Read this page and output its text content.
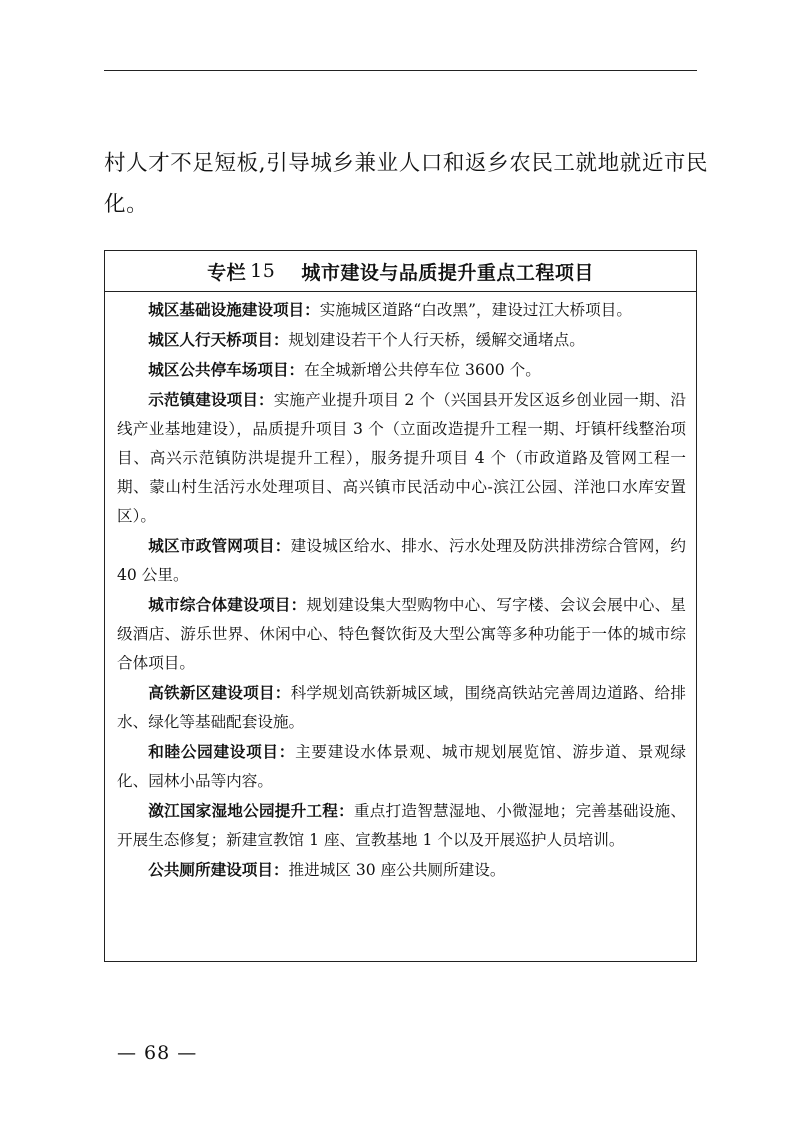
村人才不足短板,引导城乡兼业人口和返乡农民工就地就近市民

化。

专栏 15 城市建设与品质提升重点工程项目

城区基础设施建设项目：实施城区道路“白改黑”，建设过江大桥项目。

城区人行天桥项目：规划建设若干个人行天桥，缓解交通堵点。

城区公共停车场项目：在全城新增公共停车位 3600 个。

示范镇建设项目：实施产业提升项目 2 个（兴国县开发区返乡创业园一期、沿线产业基地建设），品质提升项目 3 个（立面改造提升工程一期、圩镇杆线整治项目、高兴示范镇防洪堤提升工程），服务提升项目 4 个（市政道路及管网工程一期、蒙山村生活污水处理项目、高兴镇市民活动中心-滨江公园、洋池口水库安置区）。

城区市政管网项目：建设城区给水、排水、污水处理及防洪排涝综合管网，约 40 公里。

城市综合体建设项目：规划建设集大型购物中心、写字楼、会议会展中心、星级酒店、游乐世界、休闲中心、特色餐饮街及大型公寓等多种功能于一体的城市综合体项目。

高铁新区建设项目：科学规划高铁新城区域，围绕高铁站完善周边道路、给排水、绿化等基础配套设施。

和睦公园建设项目：主要建设水体景观、城市规划展览馆、游步道、景观绿化、园林小品等内容。

潋江国家湿地公园提升工程：重点打造智慧湿地、小微湿地；完善基础设施、开展生态修复；新建宣教馆 1 座、宣教基地 1 个以及开展巡护人员培训。

公共厕所建设项目：推进城区 30 座公共厕所建设。

— 68 —
